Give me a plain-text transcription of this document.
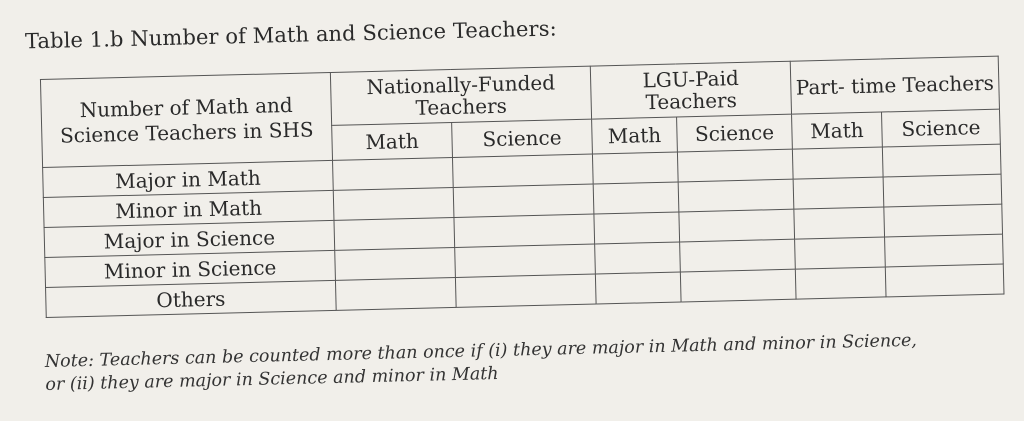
Table 1.b Number of Math and Science Teachers:
Number of Math and Science Teachers in SHS	Nationally-Funded Teachers		LGU-Paid Teachers		Part- time Teachers	
	Math	Science	Math	Science	Math	Science
Major in Math						
Minor in Math						
Major in Science						
Minor in Science						
Others						
Note: Teachers can be counted more than once if (i) they are major in Math and minor in Science,
or (ii) they are major in Science and minor in Math
